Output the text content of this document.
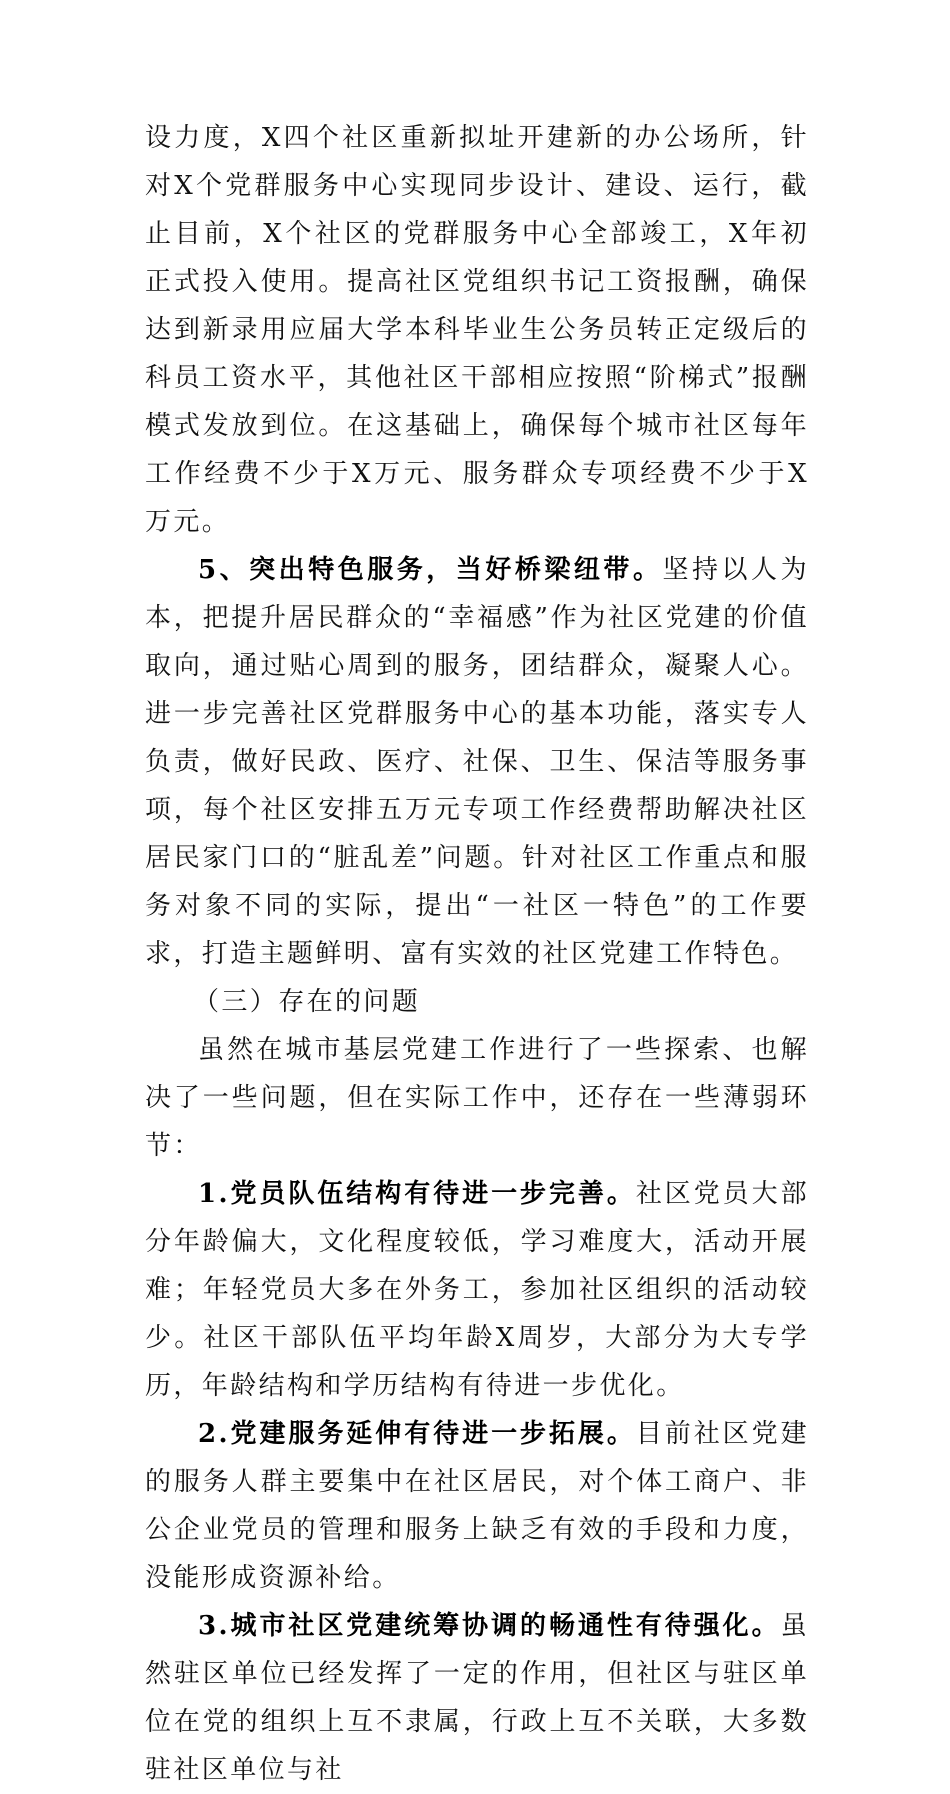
设力度，X四个社区重新拟址开建新的办公场所，针对X个党群服务中心实现同步设计、建设、运行，截止目前，X个社区的党群服务中心全部竣工，X年初正式投入使用。提高社区党组织书记工资报酬，确保达到新录用应届大学本科毕业生公务员转正定级后的科员工资水平，其他社区干部相应按照“阶梯式”报酬模式发放到位。在这基础上，确保每个城市社区每年工作经费不少于X万元、服务群众专项经费不少于X万元。

5、突出特色服务，当好桥梁纽带。坚持以人为本，把提升居民群众的“幸福感”作为社区党建的价值取向，通过贴心周到的服务，团结群众，凝聚人心。进一步完善社区党群服务中心的基本功能，落实专人负责，做好民政、医疗、社保、卫生、保洁等服务事项，每个社区安排五万元专项工作经费帮助解决社区居民家门口的“脏乱差”问题。针对社区工作重点和服务对象不同的实际，提出“一社区一特色”的工作要求，打造主题鲜明、富有实效的社区党建工作特色。

（三）存在的问题

虽然在城市基层党建工作进行了一些探索、也解决了一些问题，但在实际工作中，还存在一些薄弱环节：

1.党员队伍结构有待进一步完善。社区党员大部分年龄偏大，文化程度较低，学习难度大，活动开展难；年轻党员大多在外务工，参加社区组织的活动较少。社区干部队伍平均年龄X周岁，大部分为大专学历，年龄结构和学历结构有待进一步优化。

2.党建服务延伸有待进一步拓展。目前社区党建的服务人群主要集中在社区居民，对个体工商户、非公企业党员的管理和服务上缺乏有效的手段和力度，没能形成资源补给。

3.城市社区党建统筹协调的畅通性有待强化。虽然驻区单位已经发挥了一定的作用，但社区与驻区单位在党的组织上互不隶属，行政上互不关联，大多数驻社区单位与社
